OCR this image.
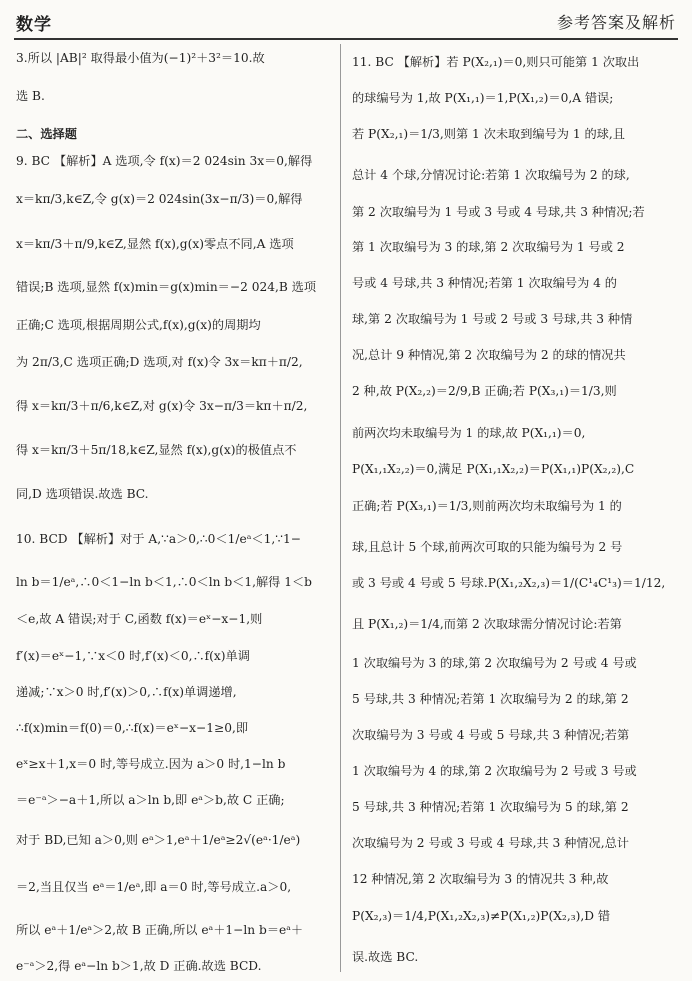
数学	参考答案及解析
3.所以 |AB|² 取得最小值为(−1)²＋3²＝10.故
选 B.
二、选择题
9. BC 【解析】A 选项,令 f(x)＝2 024sin 3x＝0,解得
x＝kπ/3,k∈Z,令 g(x)＝2 024sin(3x−π/3)＝0,解得
x＝kπ/3＋π/9,k∈Z,显然 f(x),g(x)零点不同,A 选项
错误;B 选项,显然 f(x)min＝g(x)min＝−2 024,B 选项
正确;C 选项,根据周期公式,f(x),g(x)的周期均
为 2π/3,C 选项正确;D 选项,对 f(x)令 3x＝kπ＋π/2,
得 x＝kπ/3＋π/6,k∈Z,对 g(x)令 3x−π/3＝kπ＋π/2,
得 x＝kπ/3＋5π/18,k∈Z,显然 f(x),g(x)的极值点不
同,D 选项错误.故选 BC.
10. BCD 【解析】对于 A,∵a＞0,∴0＜1/eᵃ＜1,∵1−
ln b＝1/eᵃ,∴0＜1−ln b＜1,∴0＜ln b＜1,解得 1＜b
＜e,故 A 错误;对于 C,函数 f(x)＝eˣ−x−1,则
f′(x)＝eˣ−1,∵x＜0 时,f′(x)＜0,∴f(x)单调
递减;∵x＞0 时,f′(x)＞0,∴f(x)单调递增,
∴f(x)min＝f(0)＝0,∴f(x)＝eˣ−x−1≥0,即
eˣ≥x＋1,x＝0 时,等号成立.因为 a＞0 时,1−ln b
＝e⁻ᵃ＞−a＋1,所以 a＞ln b,即 eᵃ＞b,故 C 正确;
对于 BD,已知 a＞0,则 eᵃ＞1,eᵃ＋1/eᵃ≥2√(eᵃ·1/eᵃ)
＝2,当且仅当 eᵃ＝1/eᵃ,即 a＝0 时,等号成立.a＞0,
所以 eᵃ＋1/eᵃ＞2,故 B 正确,所以 eᵃ＋1−ln b＝eᵃ＋
e⁻ᵃ＞2,得 eᵃ−ln b＞1,故 D 正确.故选 BCD.
11. BC 【解析】若 P(X₂,₁)＝0,则只可能第 1 次取出
的球编号为 1,故 P(X₁,₁)＝1,P(X₁,₂)＝0,A 错误;
若 P(X₂,₁)＝1/3,则第 1 次未取到编号为 1 的球,且
总计 4 个球,分情况讨论:若第 1 次取编号为 2 的球,
第 2 次取编号为 1 号或 3 号或 4 号球,共 3 种情况;若
第 1 次取编号为 3 的球,第 2 次取编号为 1 号或 2
号或 4 号球,共 3 种情况;若第 1 次取编号为 4 的
球,第 2 次取编号为 1 号或 2 号或 3 号球,共 3 种情
况,总计 9 种情况,第 2 次取编号为 2 的球的情况共
2 种,故 P(X₂,₂)＝2/9,B 正确;若 P(X₃,₁)＝1/3,则
前两次均未取编号为 1 的球,故 P(X₁,₁)＝0,
P(X₁,₁X₂,₂)＝0,满足 P(X₁,₁X₂,₂)＝P(X₁,₁)P(X₂,₂),C
正确;若 P(X₃,₁)＝1/3,则前两次均未取编号为 1 的
球,且总计 5 个球,前两次可取的只能为编号为 2 号
或 3 号或 4 号或 5 号球.P(X₁,₂X₂,₃)＝1/(C¹₄C¹₃)＝1/12,
且 P(X₁,₂)＝1/4,而第 2 次取球需分情况讨论:若第
1 次取编号为 3 的球,第 2 次取编号为 2 号或 4 号或
5 号球,共 3 种情况;若第 1 次取编号为 2 的球,第 2
次取编号为 3 号或 4 号或 5 号球,共 3 种情况;若第
1 次取编号为 4 的球,第 2 次取编号为 2 号或 3 号或
5 号球,共 3 种情况;若第 1 次取编号为 5 的球,第 2
次取编号为 2 号或 3 号或 4 号球,共 3 种情况,总计
12 种情况,第 2 次取编号为 3 的情况共 3 种,故
P(X₂,₃)＝1/4,P(X₁,₂X₂,₃)≠P(X₁,₂)P(X₂,₃),D 错
误.故选 BC.
